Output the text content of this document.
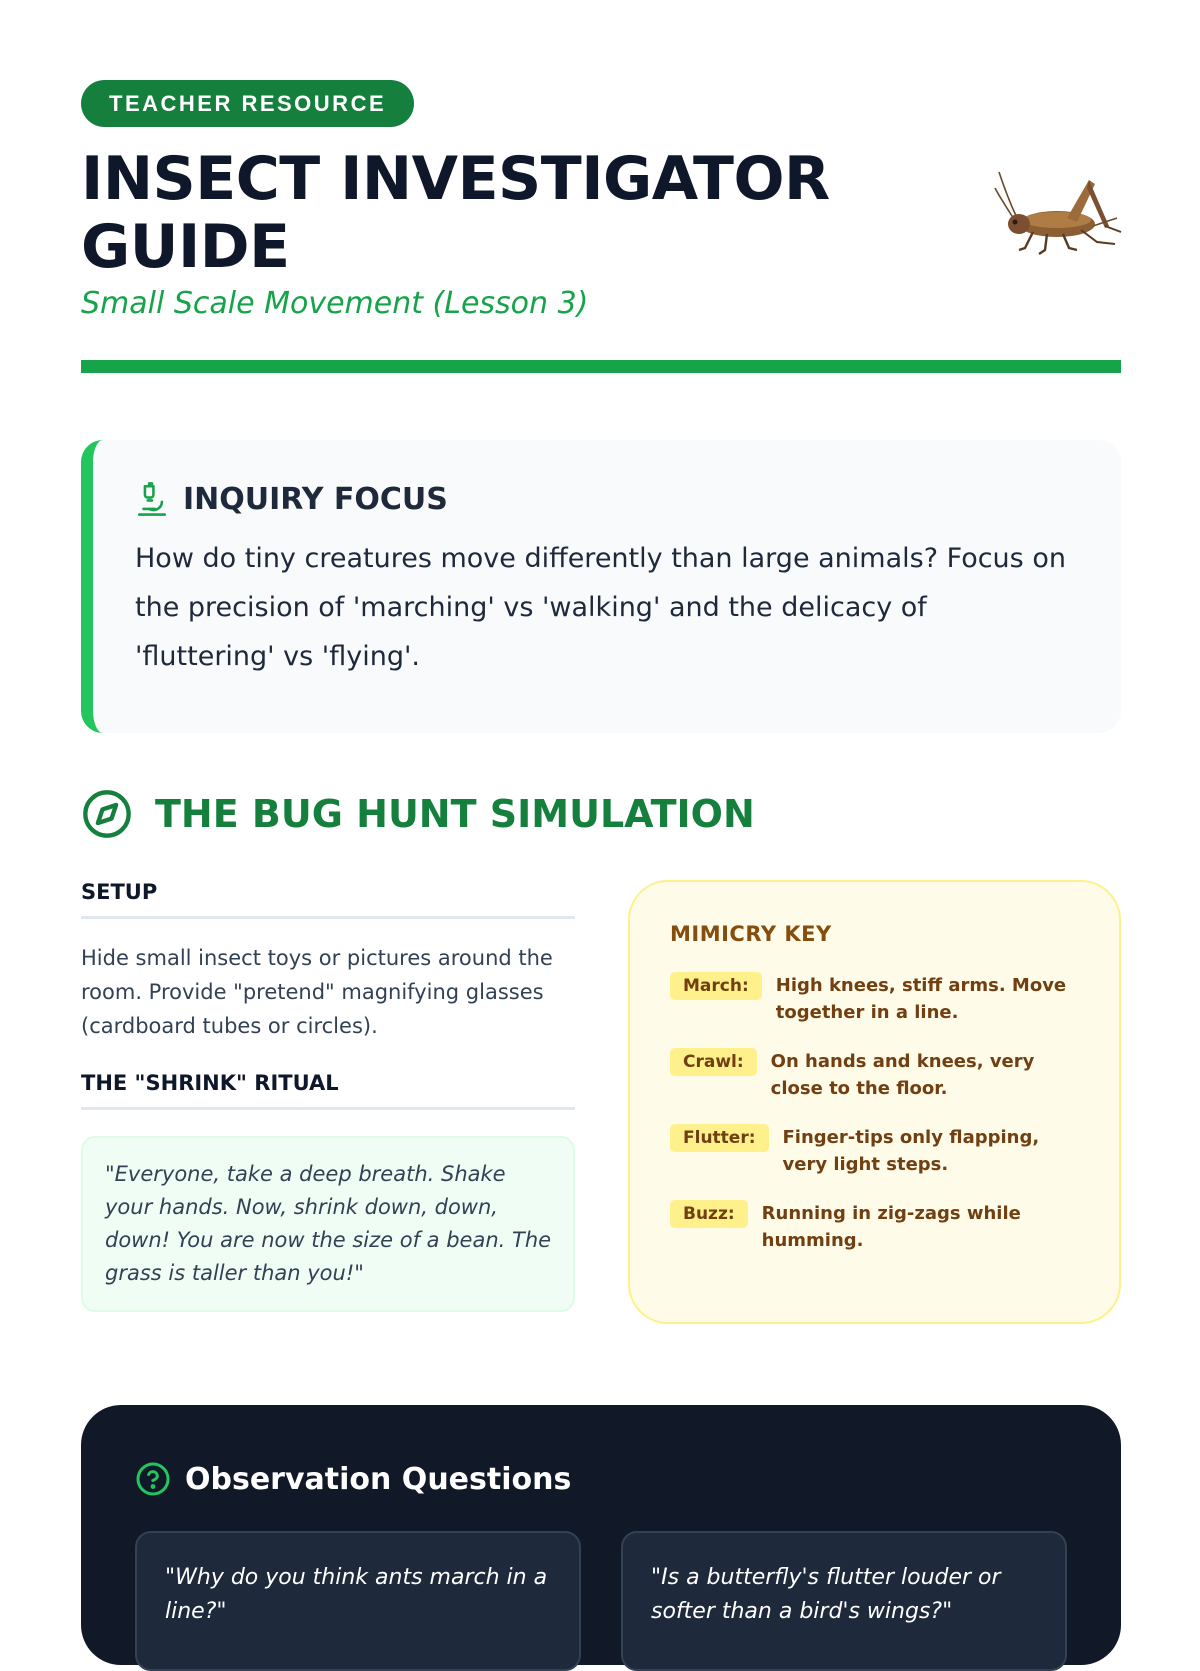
TEACHER RESOURCE
INSECT INVESTIGATOR GUIDE
Small Scale Movement (Lesson 3)
INQUIRY FOCUS

How do tiny creatures move differently than large animals? Focus on the precision of 'marching' vs 'walking' and the delicacy of 'fluttering' vs 'flying'.

THE BUG HUNT SIMULATION
SETUP

Hide small insect toys or pictures around the room. Provide "pretend" magnifying glasses (cardboard tubes or circles).

THE "SHRINK" RITUAL
"Everyone, take a deep breath. Shake your hands. Now, shrink down, down, down! You are now the size of a bean. The grass is taller than you!"
MIMICRY KEY
March:	High knees, stiff arms. Move together in a line.
Crawl:	On hands and knees, very close to the floor.
Flutter:	Finger-tips only flapping, very light steps.
Buzz:	Running in zig-zags while humming.
Observation Questions
"Why do you think ants march in a line?"
"Is a butterfly's flutter louder or softer than a bird's wings?"
